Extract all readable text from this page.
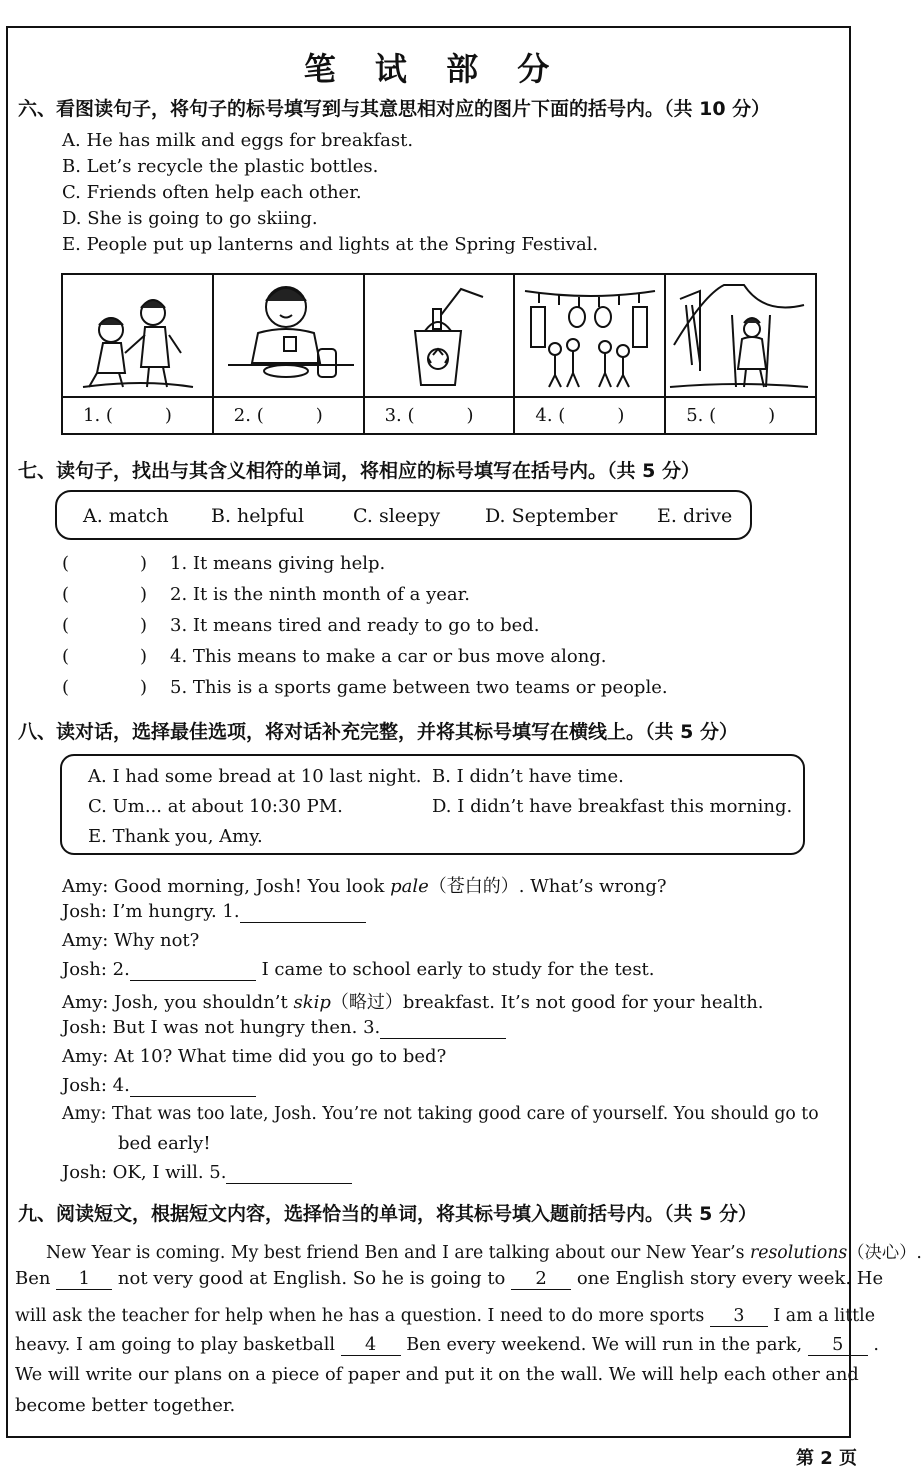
笔 试 部 分
六、看图读句子，将句子的标号填写到与其意思相对应的图片下面的括号内。（共 10 分）
A. He has milk and eggs for breakfast.
B. Let’s recycle the plastic bottles.
C. Friends often help each other.
D. She is going to go skiing.
E. People put up lanterns and lights at the Spring Festival.
1. (	)	2. (	)	3. (	)	4. (	)	5. (	)
七、读句子，找出与其含义相符的单词，将相应的标号填写在括号内。（共 5 分）
A. match B. helpful	C. sleepy D. September E. drive
(	) 1. It means giving help.
(	) 2. It is the ninth month of a year.
(	) 3. It means tired and ready to go to bed.
(	) 4. This means to make a car or bus move along.
(	) 5. This is a sports game between two teams or people.
八、读对话，选择最佳选项，将对话补充完整，并将其标号填写在横线上。（共 5 分）
A. I had some bread at 10 last night. B. I didn’t have time.
C. Um... at about 10:30 PM.	D. I didn’t have breakfast this morning.
E. Thank you, Amy.
Amy: Good morning, Josh! You look pale（苍白的）. What’s wrong?
Josh: I’m hungry. 1.
Amy: Why not?
Josh: 2.	I came to school early to study for the test.
Amy: Josh, you shouldn’t skip（略过）breakfast. It’s not good for your health.
Josh: But I was not hungry then. 3.
Amy: At 10? What time did you go to bed?
Josh: 4.
Amy: That was too late, Josh. You’re not taking good care of yourself. You should go to
bed early!
Josh: OK, I will. 5.
九、阅读短文，根据短文内容，选择恰当的单词，将其标号填入题前括号内。（共 5 分）
New Year is coming. My best friend Ben and I are talking about our New Year’s resolutions（决心）.
Ben 1 not very good at English. So he is going to 2 one English story every week. He
will ask the teacher for help when he has a question. I need to do more sports 3 I am a little
heavy. I am going to play basketball 4 Ben every weekend. We will run in the park, 5 .
We will write our plans on a piece of paper and put it on the wall. We will help each other and
become better together.
第 2 页
